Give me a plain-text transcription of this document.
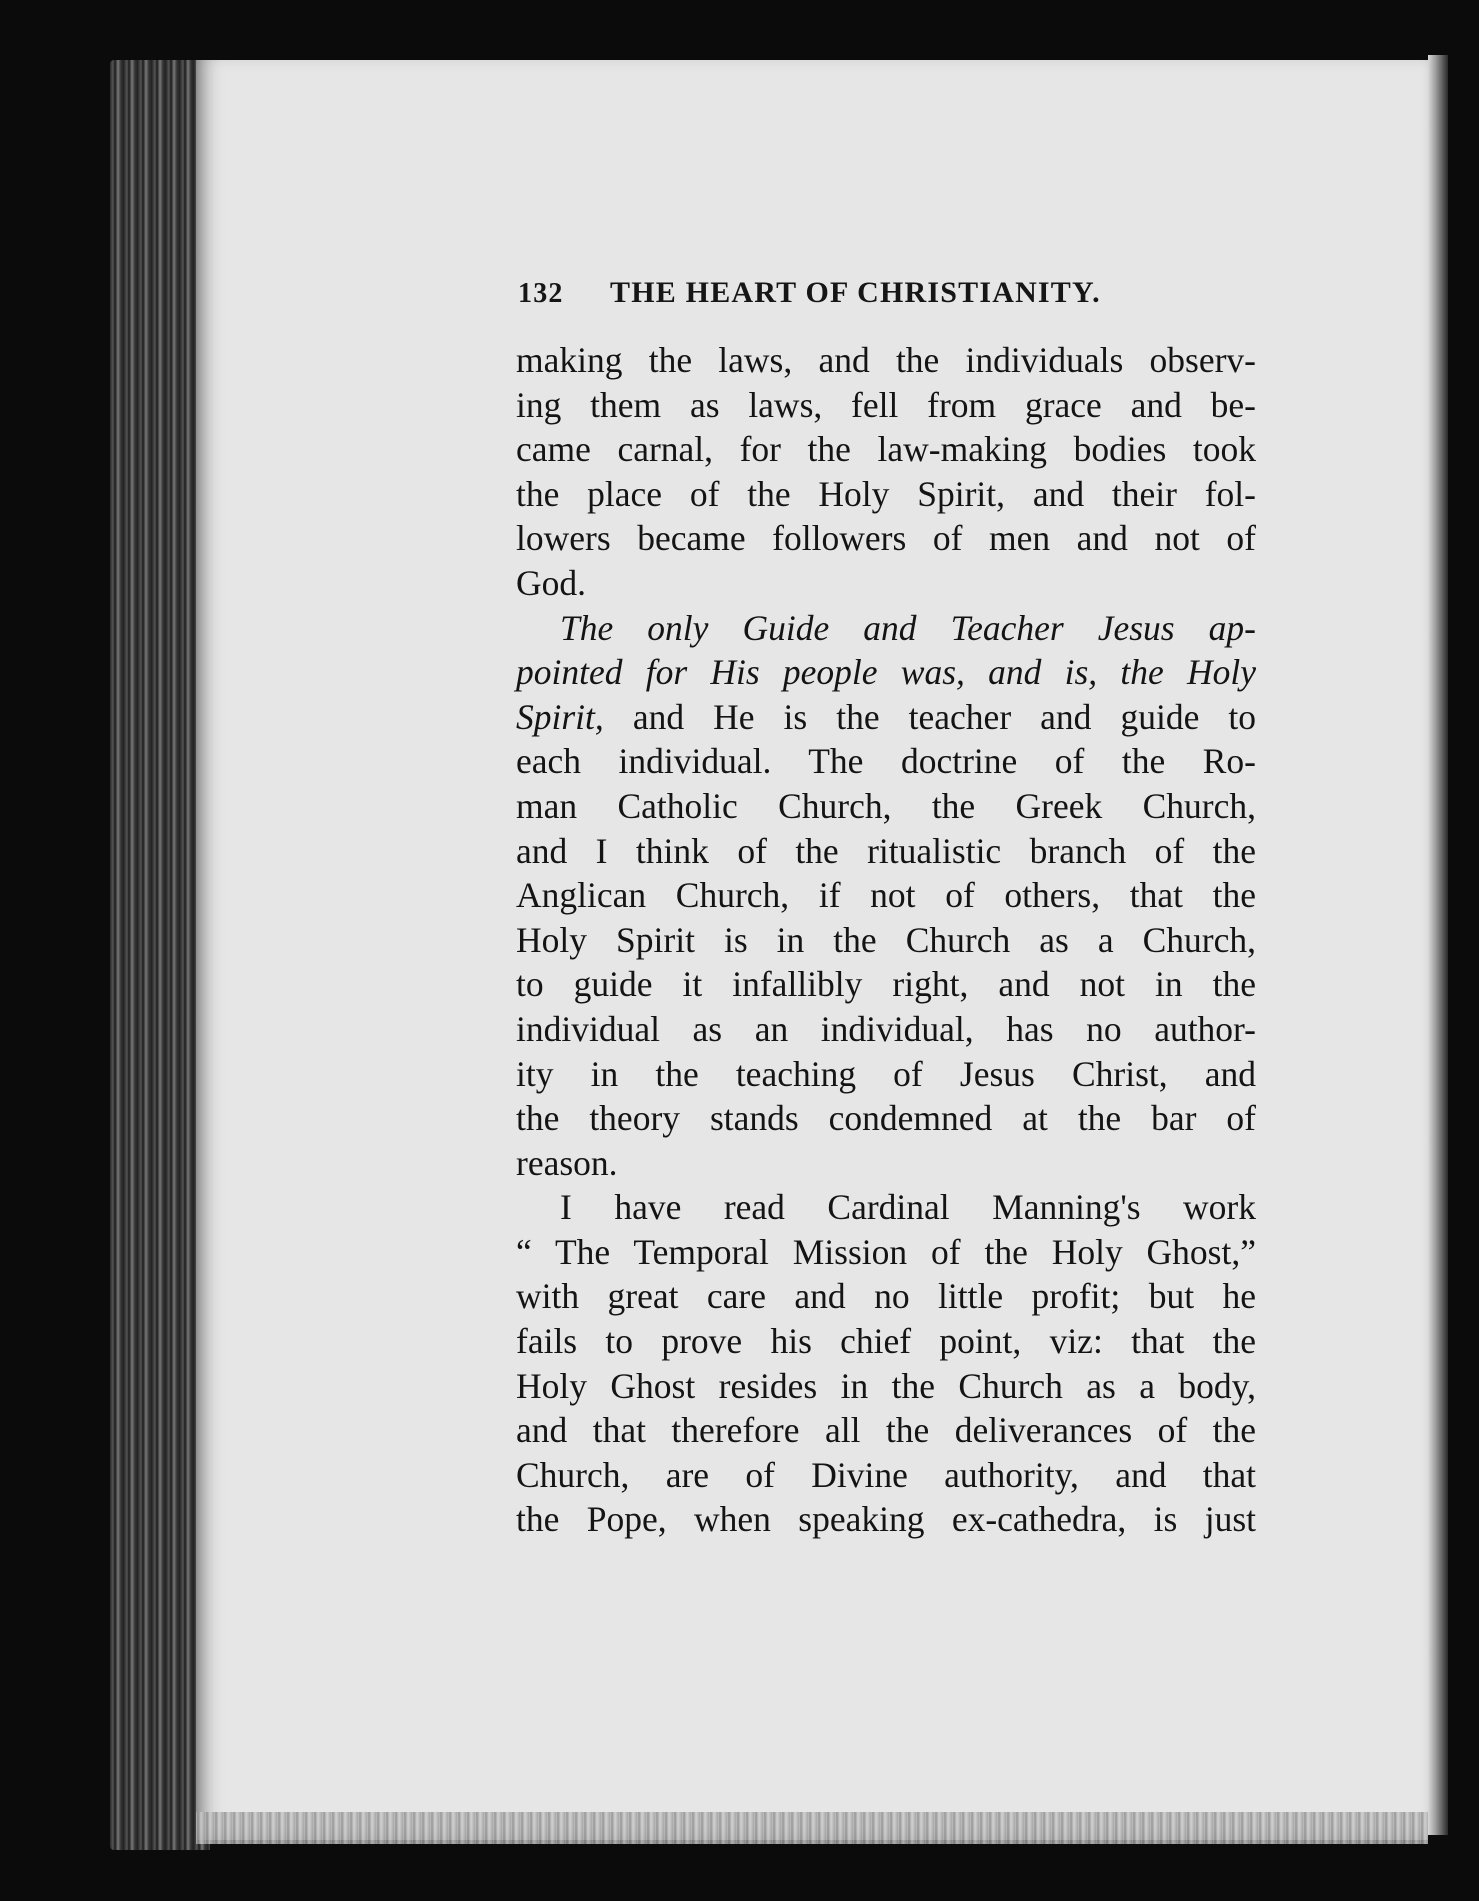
132 THE HEART OF CHRISTIANITY.
making the laws, and the individuals observ-
ing them as laws, fell from grace and be-
came carnal, for the law-making bodies took
the place of the Holy Spirit, and their fol-
lowers became followers of men and not of
God.
The only Guide and Teacher Jesus ap-
pointed for His people was, and is, the Holy
Spirit, and He is the teacher and guide to
each individual. The doctrine of the Ro-
man Catholic Church, the Greek Church,
and I think of the ritualistic branch of the
Anglican Church, if not of others, that the
Holy Spirit is in the Church as a Church,
to guide it infallibly right, and not in the
individual as an individual, has no author-
ity in the teaching of Jesus Christ, and
the theory stands condemned at the bar of
reason.
I have read Cardinal Manning's work
“ The Temporal Mission of the Holy Ghost,”
with great care and no little profit; but he
fails to prove his chief point, viz: that the
Holy Ghost resides in the Church as a body,
and that therefore all the deliverances of the
Church, are of Divine authority, and that
the Pope, when speaking ex-cathedra, is just
